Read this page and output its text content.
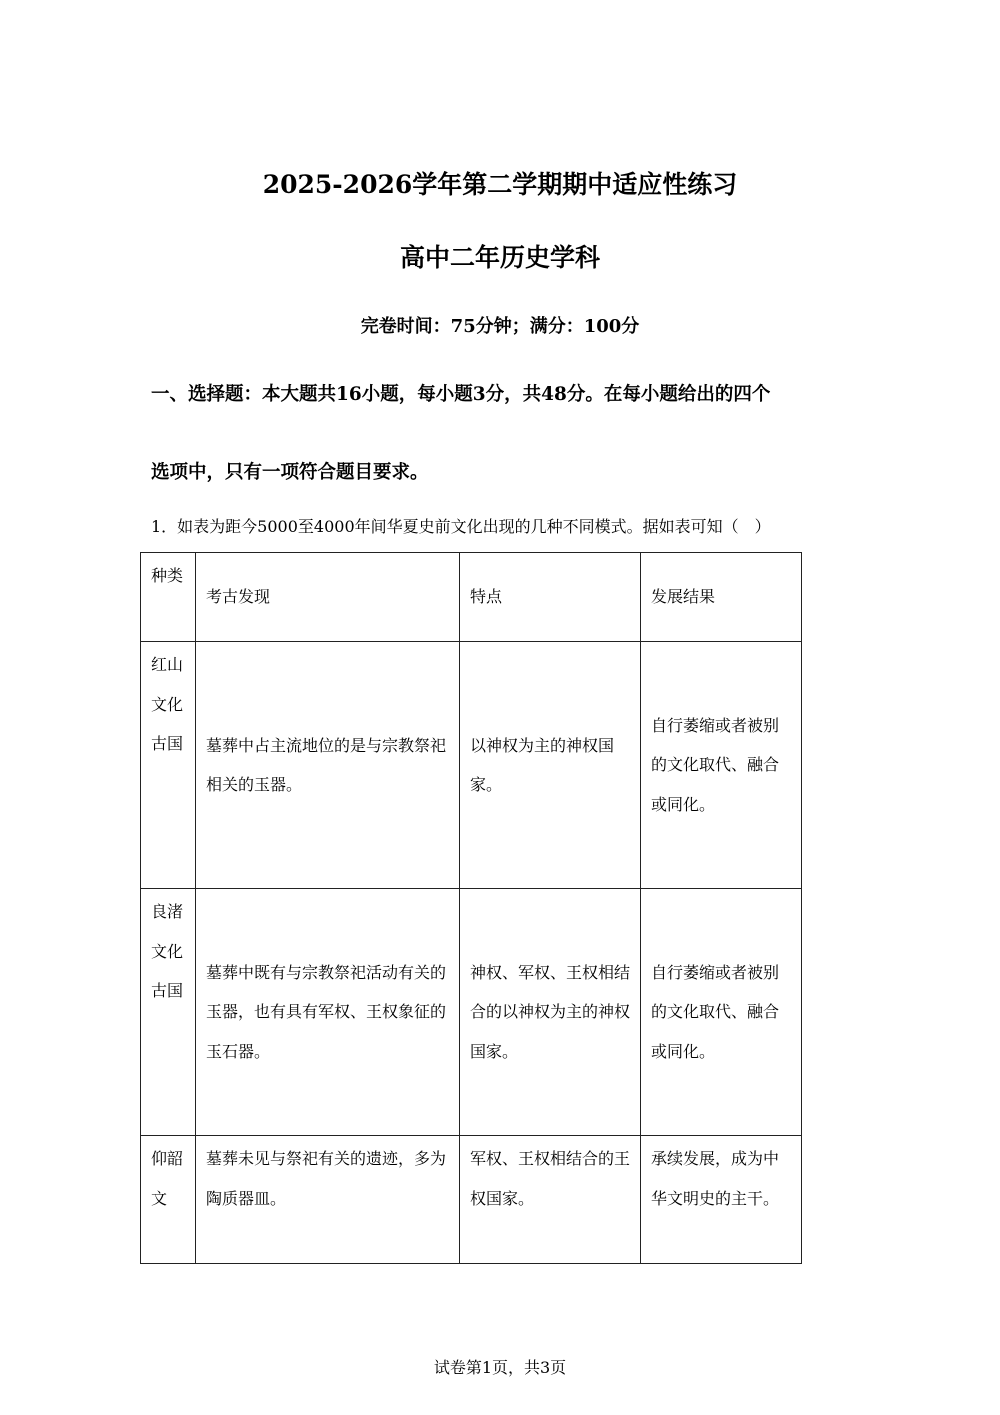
2025-2026学年第二学期期中适应性练习
高中二年历史学科
完卷时间：75分钟；满分：100分
一、选择题：本大题共16小题，每小题3分，共48分。在每小题给出的四个
选项中，只有一项符合题目要求。
1．如表为距今5000至4000年间华夏史前文化出现的几种不同模式。据如表可知（　）
种类	考古发现	特点	发展结果
红山文化古国	墓葬中占主流地位的是与宗教祭祀相关的玉器。	以神权为主的神权国家。	自行萎缩或者被别的文化取代、融合或同化。
良渚文化古国	墓葬中既有与宗教祭祀活动有关的玉器，也有具有军权、王权象征的玉石器。	神权、军权、王权相结合的以神权为主的神权国家。	自行萎缩或者被别的文化取代、融合或同化。
仰韶文	墓葬未见与祭祀有关的遗迹，多为陶质器皿。	军权、王权相结合的王权国家。	承续发展，成为中华文明史的主干。
试卷第1页，共3页
